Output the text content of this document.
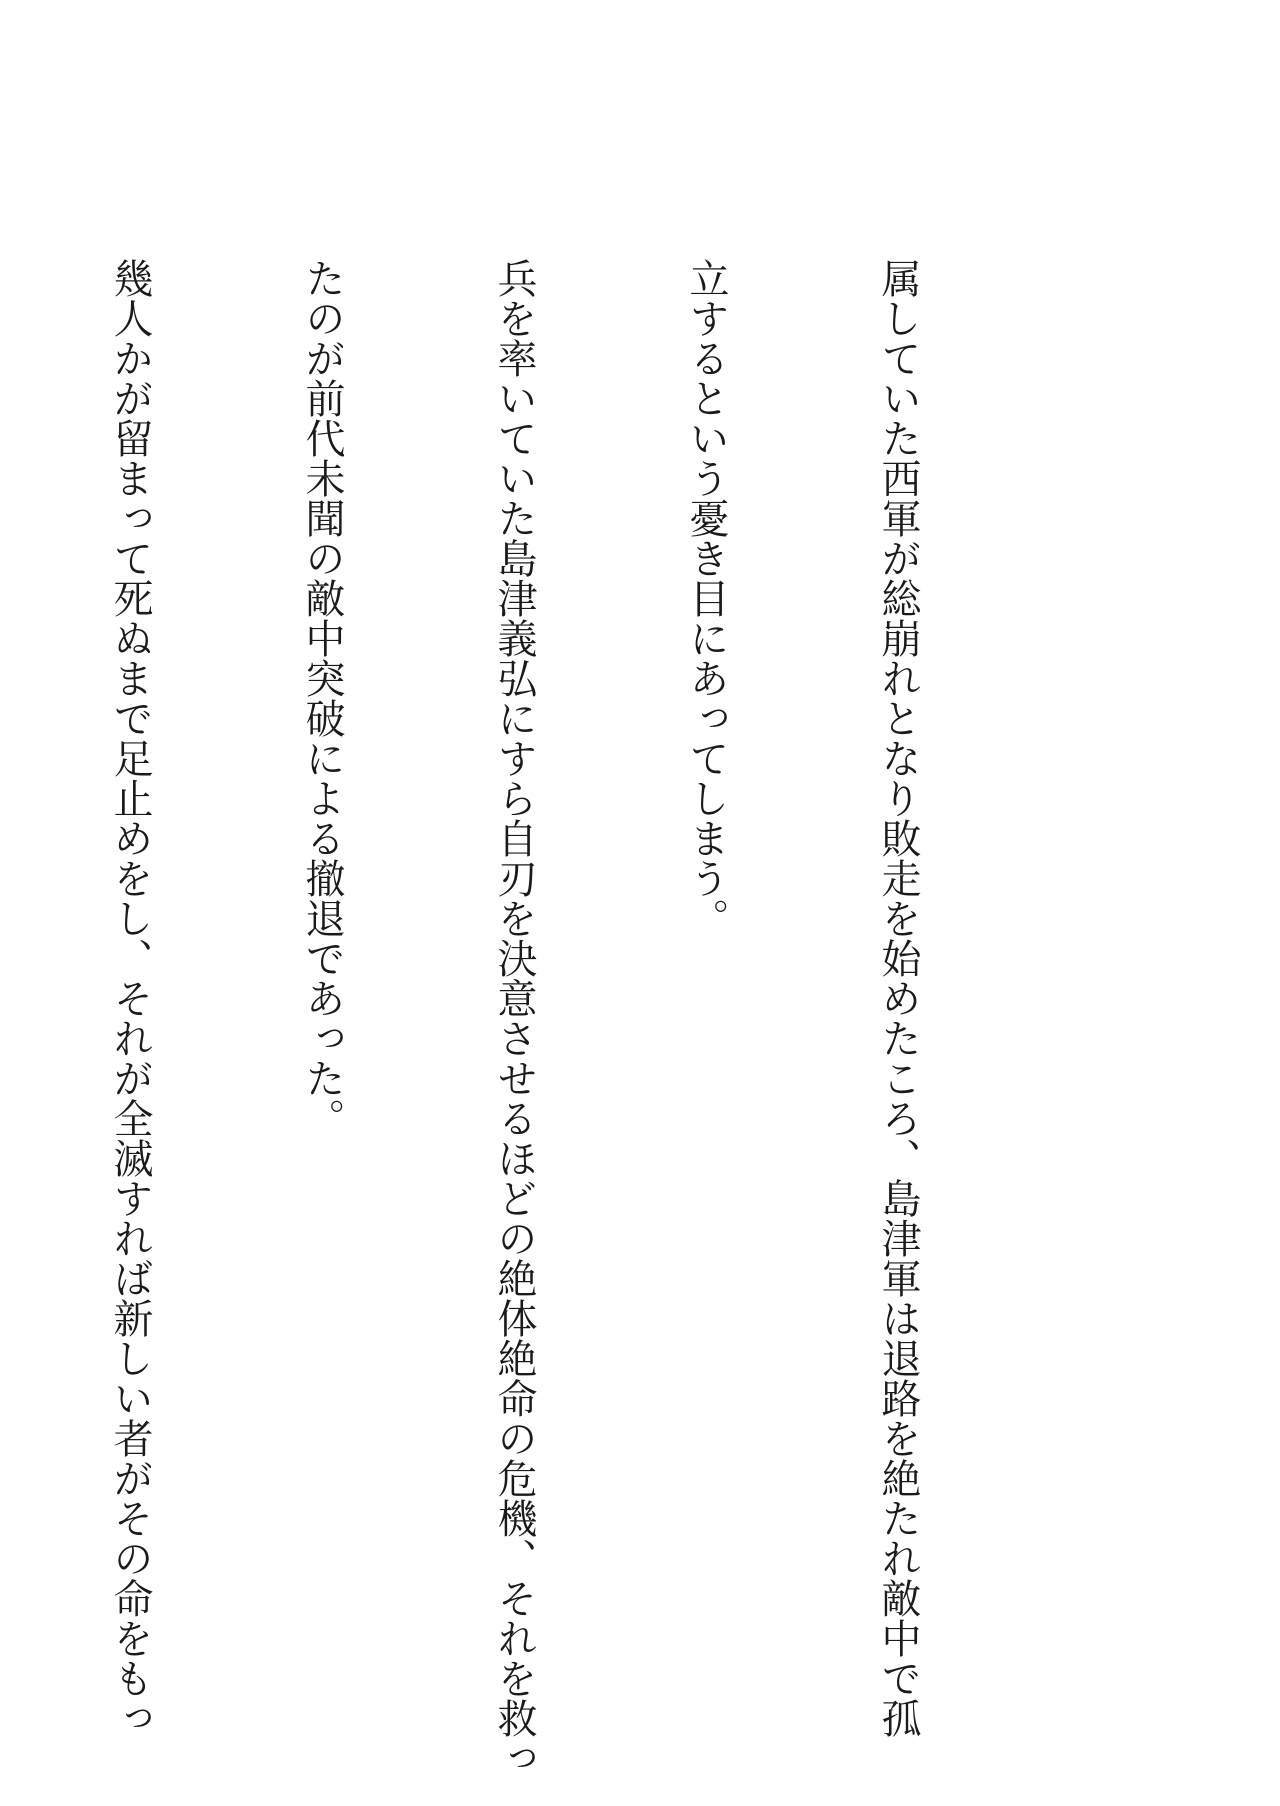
属していた西軍が総崩れとなり敗走を始めたころ、島津軍は退路を絶たれ敵中で孤

立するという憂き目にあってしまう。

兵を率いていた島津義弘にすら自刃を決意させるほどの絶体絶命の危機、それを救っ

たのが前代未聞の敵中突破による撤退であった。

幾人かが留まって死ぬまで足止めをし、それが全滅すれば新しい者がその命をもっ
